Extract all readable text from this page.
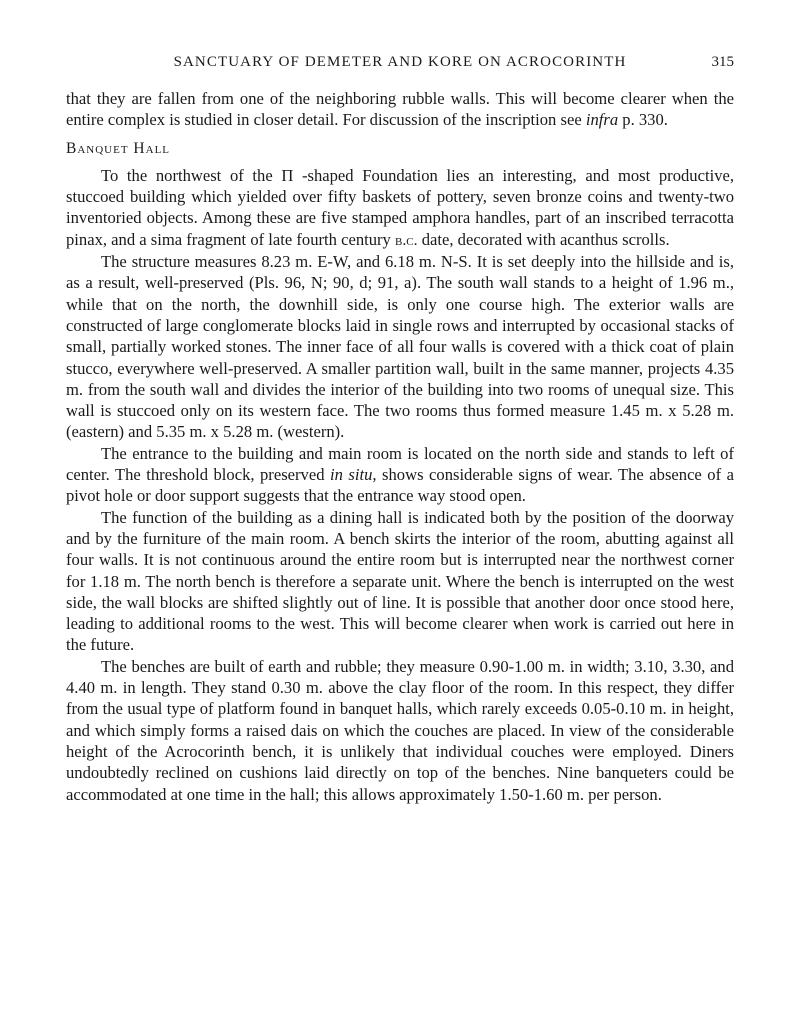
SANCTUARY OF DEMETER AND KORE ON ACROCORINTH	315

that they are fallen from one of the neighboring rubble walls. This will become clearer when the entire complex is studied in closer detail. For discussion of the inscription see infra p. 330.

Banquet Hall

To the northwest of the Π -shaped Foundation lies an interesting, and most productive, stuccoed building which yielded over fifty baskets of pottery, seven bronze coins and twenty-two inventoried objects. Among these are five stamped amphora handles, part of an inscribed terracotta pinax, and a sima fragment of late fourth century b.c. date, decorated with acanthus scrolls.

The structure measures 8.23 m. E-W, and 6.18 m. N-S. It is set deeply into the hillside and is, as a result, well-preserved (Pls. 96, N; 90, d; 91, a). The south wall stands to a height of 1.96 m., while that on the north, the downhill side, is only one course high. The exterior walls are constructed of large conglomerate blocks laid in single rows and interrupted by occasional stacks of small, partially worked stones. The inner face of all four walls is covered with a thick coat of plain stucco, everywhere well-preserved. A smaller partition wall, built in the same manner, projects 4.35 m. from the south wall and divides the interior of the building into two rooms of unequal size. This wall is stuccoed only on its western face. The two rooms thus formed measure 1.45 m. x 5.28 m. (eastern) and 5.35 m. x 5.28 m. (western).

The entrance to the building and main room is located on the north side and stands to left of center. The threshold block, preserved in situ, shows considerable signs of wear. The absence of a pivot hole or door support suggests that the entrance way stood open.

The function of the building as a dining hall is indicated both by the position of the doorway and by the furniture of the main room. A bench skirts the interior of the room, abutting against all four walls. It is not continuous around the entire room but is interrupted near the northwest corner for 1.18 m. The north bench is therefore a separate unit. Where the bench is interrupted on the west side, the wall blocks are shifted slightly out of line. It is possible that another door once stood here, leading to additional rooms to the west. This will become clearer when work is carried out here in the future.

The benches are built of earth and rubble; they measure 0.90-1.00 m. in width; 3.10, 3.30, and 4.40 m. in length. They stand 0.30 m. above the clay floor of the room. In this respect, they differ from the usual type of platform found in banquet halls, which rarely exceeds 0.05-0.10 m. in height, and which simply forms a raised dais on which the couches are placed. In view of the considerable height of the Acrocorinth bench, it is unlikely that individual couches were employed. Diners undoubtedly reclined on cushions laid directly on top of the benches. Nine banqueters could be accommodated at one time in the hall; this allows approximately 1.50-1.60 m. per person.
